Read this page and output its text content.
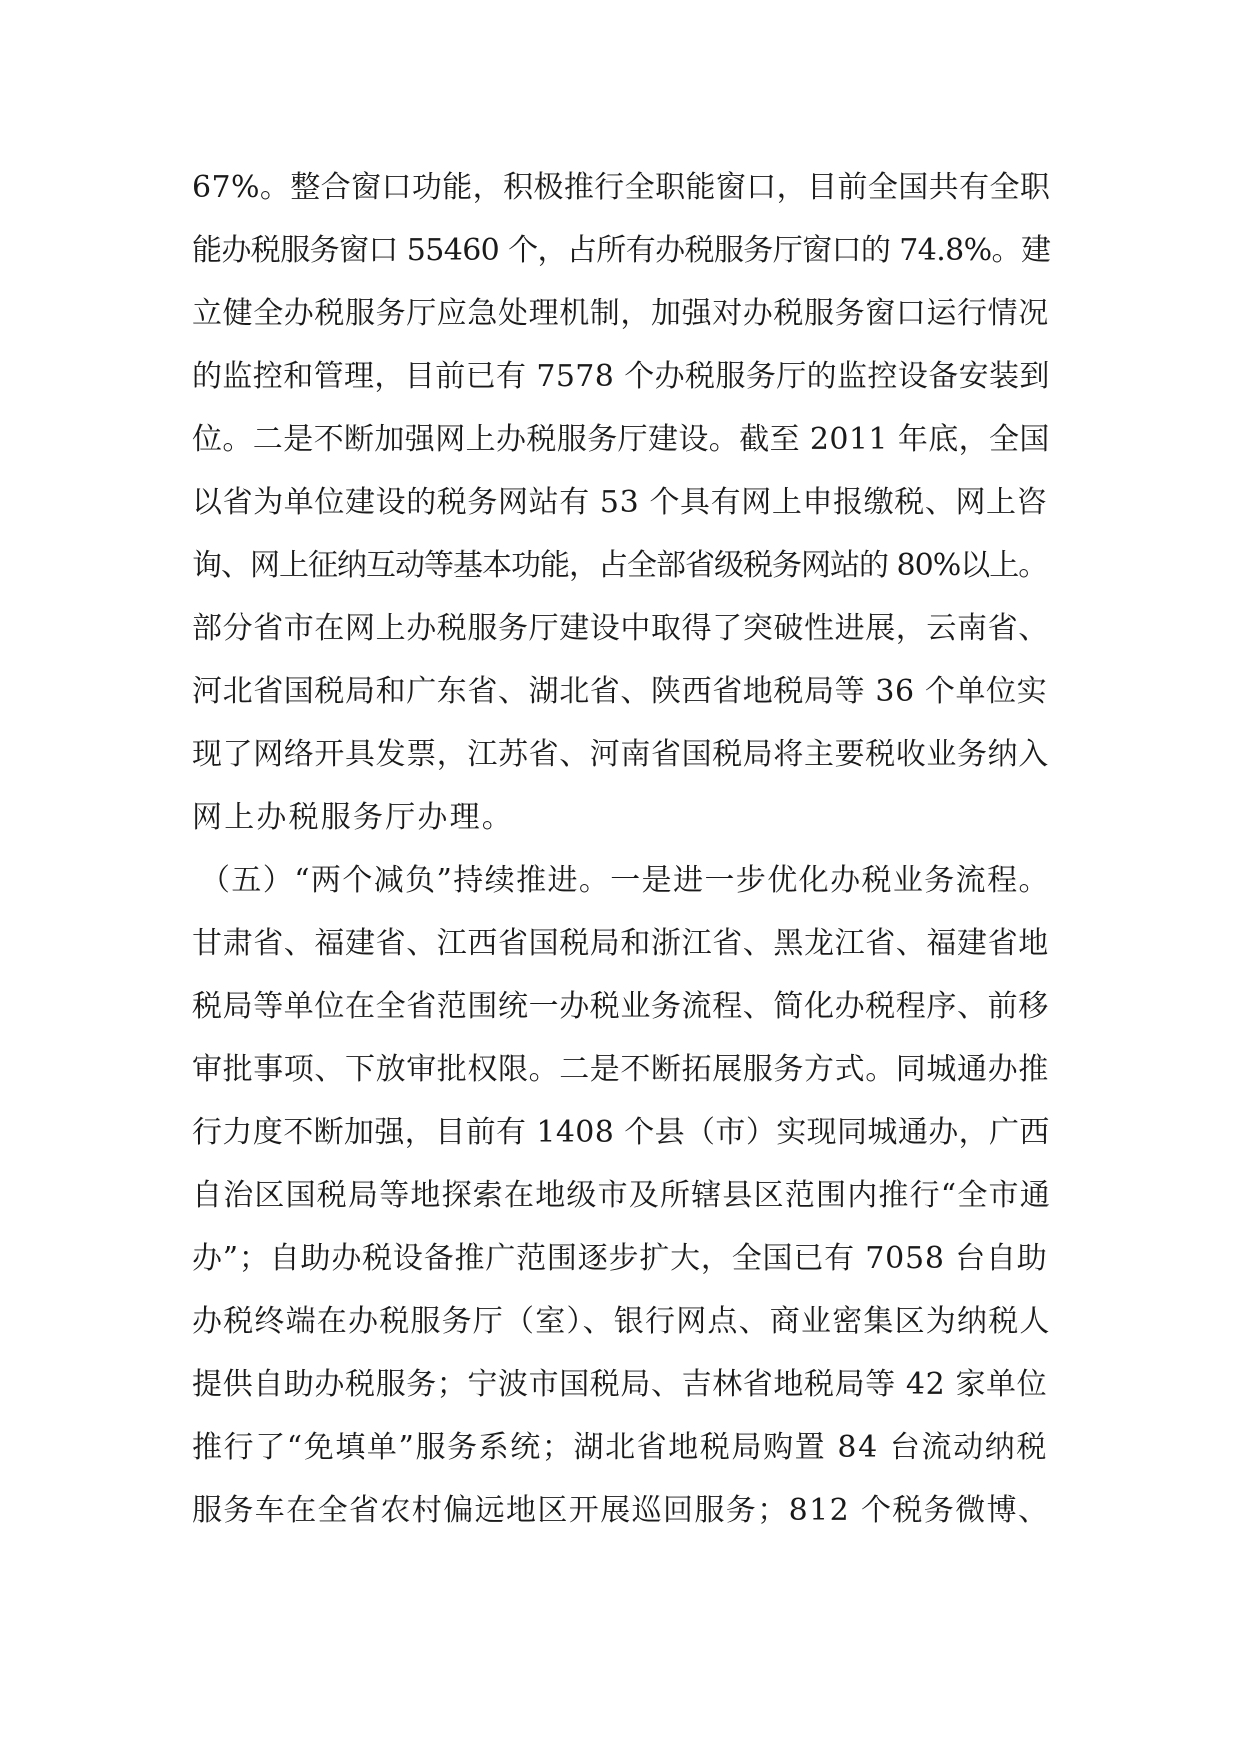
67%。整合窗口功能，积极推行全职能窗口，目前全国共有全职
能办税服务窗口 55460 个，占所有办税服务厅窗口的 74.8%。建
立健全办税服务厅应急处理机制，加强对办税服务窗口运行情况
的监控和管理，目前已有 7578 个办税服务厅的监控设备安装到
位。二是不断加强网上办税服务厅建设。截至 2011 年底，全国
以省为单位建设的税务网站有 53 个具有网上申报缴税、网上咨
询、网上征纳互动等基本功能，占全部省级税务网站的 80%以上。
部分省市在网上办税服务厅建设中取得了突破性进展，云南省、
河北省国税局和广东省、湖北省、陕西省地税局等 36 个单位实
现了网络开具发票，江苏省、河南省国税局将主要税收业务纳入
网上办税服务厅办理。
（五）“两个减负”持续推进。一是进一步优化办税业务流程。
甘肃省、福建省、江西省国税局和浙江省、黑龙江省、福建省地
税局等单位在全省范围统一办税业务流程、简化办税程序、前移
审批事项、下放审批权限。二是不断拓展服务方式。同城通办推
行力度不断加强，目前有 1408 个县（市）实现同城通办，广西
自治区国税局等地探索在地级市及所辖县区范围内推行“全市通
办”；自助办税设备推广范围逐步扩大，全国已有 7058 台自助
办税终端在办税服务厅（室）、银行网点、商业密集区为纳税人
提供自助办税服务；宁波市国税局、吉林省地税局等 42 家单位
推行了“免填单”服务系统；湖北省地税局购置 84 台流动纳税
服务车在全省农村偏远地区开展巡回服务；812 个税务微博、
